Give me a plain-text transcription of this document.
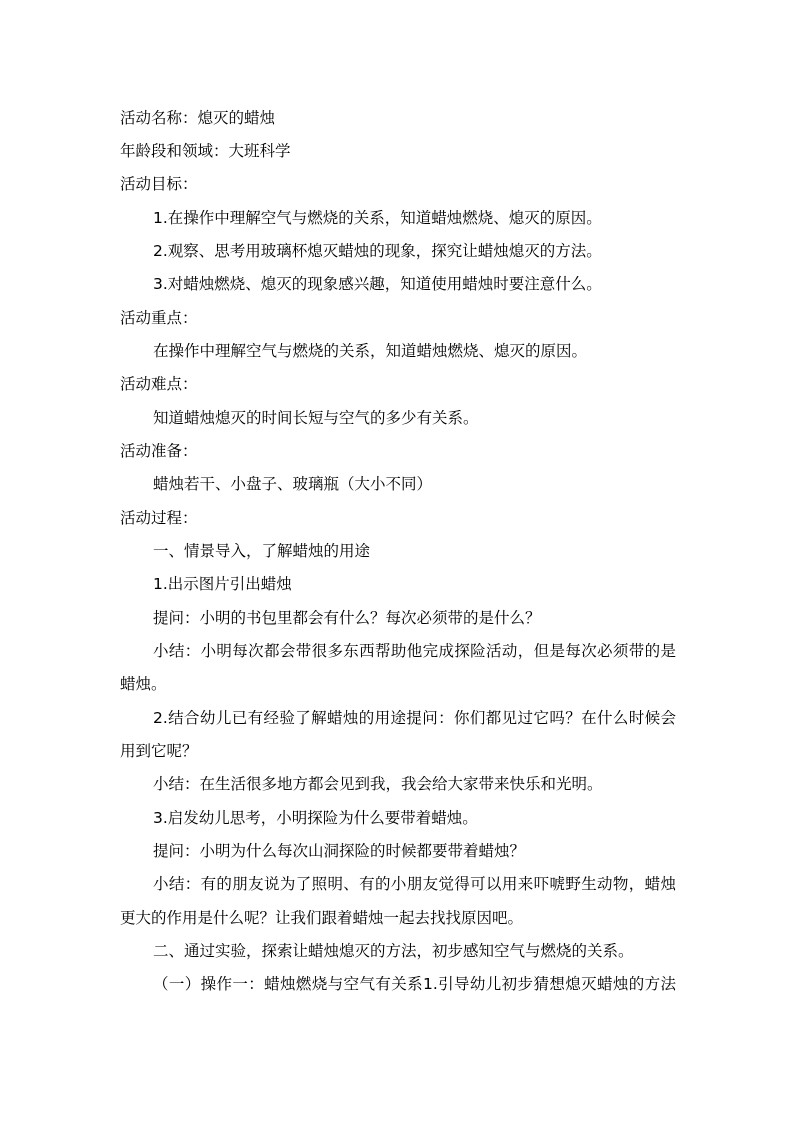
活动名称：熄灭的蜡烛
年龄段和领域：大班科学
活动目标：
1.在操作中理解空气与燃烧的关系，知道蜡烛燃烧、熄灭的原因。
2.观察、思考用玻璃杯熄灭蜡烛的现象，探究让蜡烛熄灭的方法。
3.对蜡烛燃烧、熄灭的现象感兴趣，知道使用蜡烛时要注意什么。
活动重点：
在操作中理解空气与燃烧的关系，知道蜡烛燃烧、熄灭的原因。
活动难点：
知道蜡烛熄灭的时间长短与空气的多少有关系。
活动准备：
蜡烛若干、小盘子、玻璃瓶（大小不同）
活动过程：
一、情景导入，了解蜡烛的用途
1.出示图片引出蜡烛
提问：小明的书包里都会有什么？每次必须带的是什么？
小结：小明每次都会带很多东西帮助他完成探险活动，但是每次必须带的是
蜡烛。
2.结合幼儿已有经验了解蜡烛的用途提问：你们都见过它吗？在什么时候会
用到它呢？
小结：在生活很多地方都会见到我，我会给大家带来快乐和光明。
3.启发幼儿思考，小明探险为什么要带着蜡烛。
提问：小明为什么每次山洞探险的时候都要带着蜡烛？
小结：有的朋友说为了照明、有的小朋友觉得可以用来吓唬野生动物，蜡烛
更大的作用是什么呢？让我们跟着蜡烛一起去找找原因吧。
二、通过实验，探索让蜡烛熄灭的方法，初步感知空气与燃烧的关系。
（一）操作一：蜡烛燃烧与空气有关系1.引导幼儿初步猜想熄灭蜡烛的方法
